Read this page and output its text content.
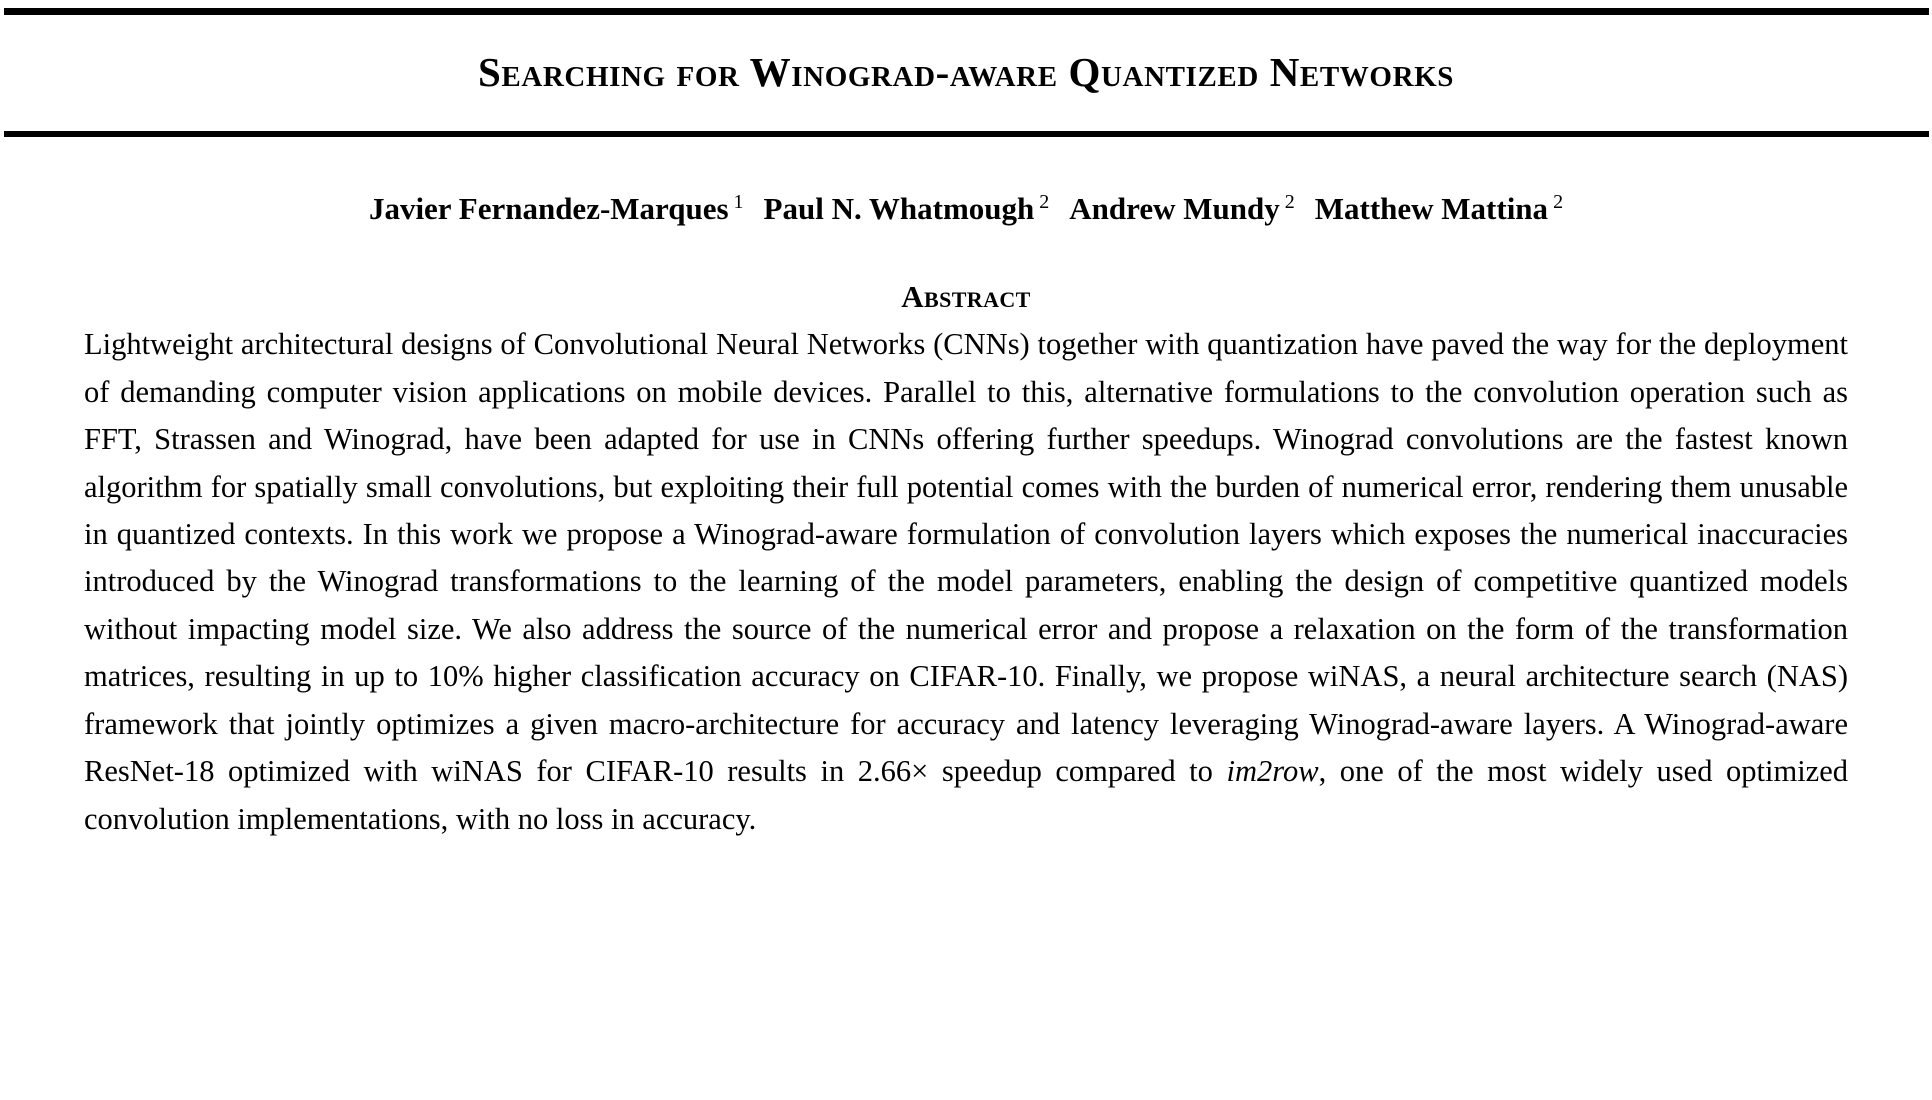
Searching for Winograd-aware Quantized Networks
Javier Fernandez-Marques $^1$ Paul N. Whatmough $^2$ Andrew Mundy $^2$ Matthew Mattina $^2$
Abstract

Lightweight architectural designs of Convolutional Neural Networks (CNNs) together with quantization have paved the way for the deployment of demanding computer vision applications on mobile devices. Parallel to this, alternative formulations to the convolution operation such as FFT, Strassen and Winograd, have been adapted for use in CNNs offering further speedups. Winograd convolutions are the fastest known algorithm for spatially small convolutions, but exploiting their full potential comes with the burden of numerical error, rendering them unusable in quantized contexts. In this work we propose a Winograd-aware formulation of convolution layers which exposes the numerical inaccuracies introduced by the Winograd transformations to the learning of the model parameters, enabling the design of competitive quantized models without impacting model size. We also address the source of the numerical error and propose a relaxation on the form of the transformation matrices, resulting in up to 10% higher classification accuracy on CIFAR-10. Finally, we propose wiNAS, a neural architecture search (NAS) framework that jointly optimizes a given macro-architecture for accuracy and latency leveraging Winograd-aware layers. A Winograd-aware ResNet-18 optimized with wiNAS for CIFAR-10 results in 2.66× speedup compared to im2row, one of the most widely used optimized convolution implementations, with no loss in accuracy.
